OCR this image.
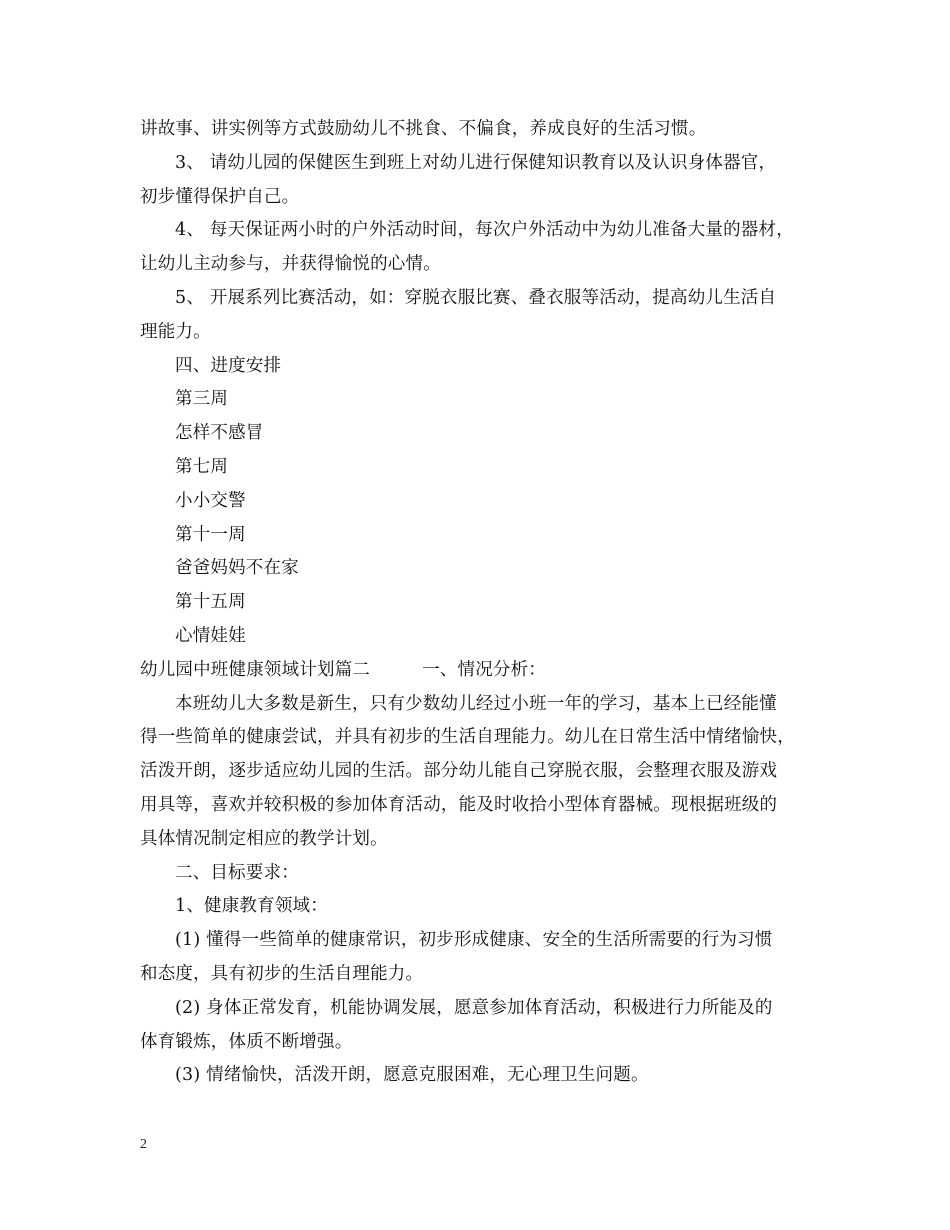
讲故事、讲实例等方式鼓励幼儿不挑食、不偏食，养成良好的生活习惯。
3、 请幼儿园的保健医生到班上对幼儿进行保健知识教育以及认识身体器官，
初步懂得保护自己。
4、 每天保证两小时的户外活动时间，每次户外活动中为幼儿准备大量的器材，
让幼儿主动参与，并获得愉悦的心情。
5、 开展系列比赛活动，如：穿脱衣服比赛、叠衣服等活动，提高幼儿生活自
理能力。
四、进度安排
第三周
怎样不感冒
第七周
小小交警
第十一周
爸爸妈妈不在家
第十五周
心情娃娃
幼儿园中班健康领域计划篇二	一、情况分析：
本班幼儿大多数是新生，只有少数幼儿经过小班一年的学习，基本上已经能懂
得一些简单的健康尝试，并具有初步的生活自理能力。幼儿在日常生活中情绪愉快，
活泼开朗，逐步适应幼儿园的生活。部分幼儿能自己穿脱衣服，会整理衣服及游戏
用具等，喜欢并较积极的参加体育活动，能及时收拾小型体育器械。现根据班级的
具体情况制定相应的教学计划。
二、目标要求：
1、健康教育领域：
(1) 懂得一些简单的健康常识，初步形成健康、安全的生活所需要的行为习惯
和态度，具有初步的生活自理能力。
(2) 身体正常发育，机能协调发展，愿意参加体育活动，积极进行力所能及的
体育锻炼，体质不断增强。
(3) 情绪愉快，活泼开朗，愿意克服困难，无心理卫生问题。
2
